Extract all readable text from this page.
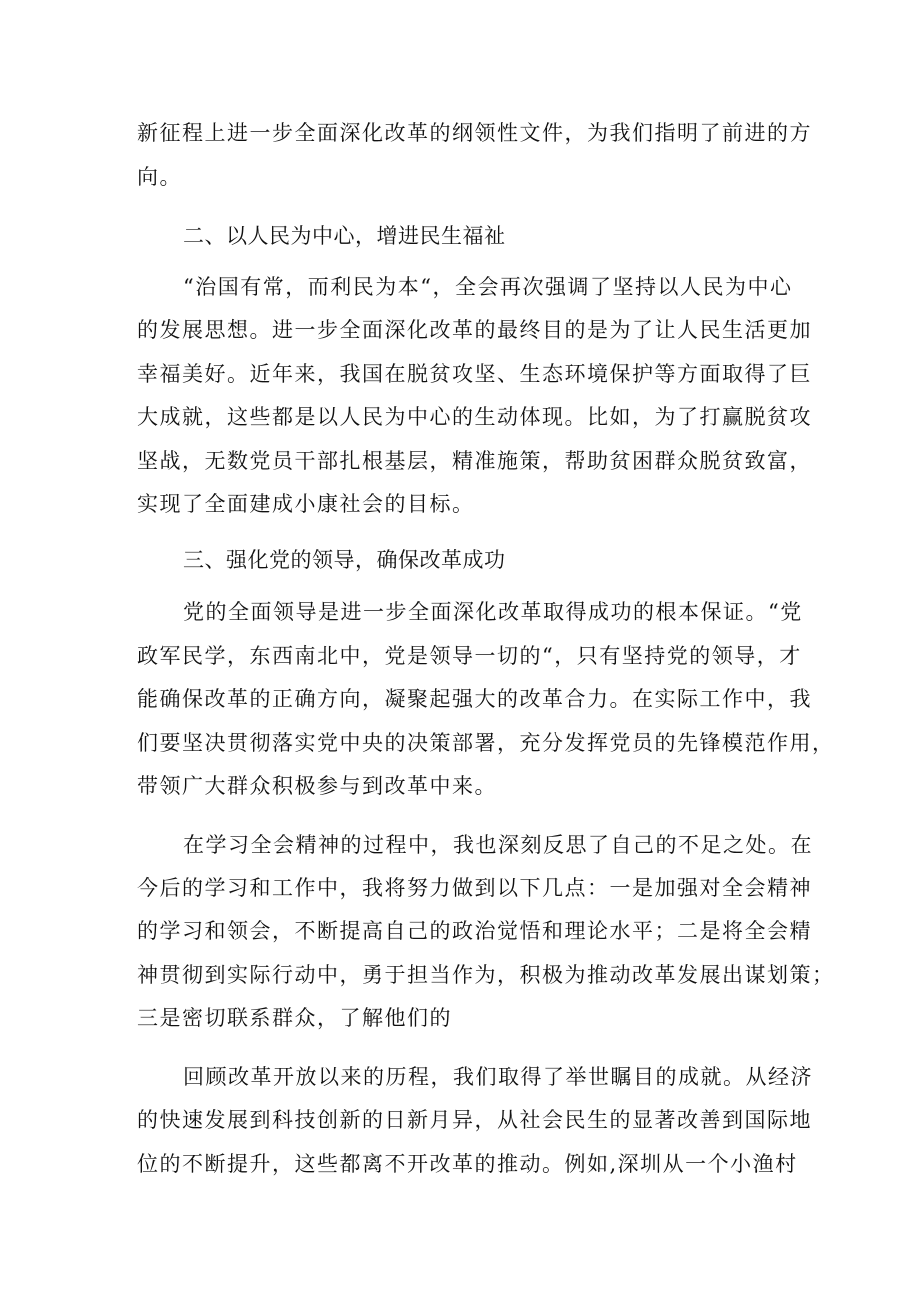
新征程上进一步全面深化改革的纲领性文件，为我们指明了前进的方
向。
二、以人民为中心，增进民生福祉
“治国有常，而利民为本“，全会再次强调了坚持以人民为中心
的发展思想。进一步全面深化改革的最终目的是为了让人民生活更加
幸福美好。近年来，我国在脱贫攻坚、生态环境保护等方面取得了巨
大成就，这些都是以人民为中心的生动体现。比如，为了打赢脱贫攻
坚战，无数党员干部扎根基层，精准施策，帮助贫困群众脱贫致富，
实现了全面建成小康社会的目标。
三、强化党的领导，确保改革成功
党的全面领导是进一步全面深化改革取得成功的根本保证。“党
政军民学，东西南北中，党是领导一切的“，只有坚持党的领导，才
能确保改革的正确方向，凝聚起强大的改革合力。在实际工作中，我
们要坚决贯彻落实党中央的决策部署，充分发挥党员的先锋模范作用，
带领广大群众积极参与到改革中来。
在学习全会精神的过程中，我也深刻反思了自己的不足之处。在
今后的学习和工作中，我将努力做到以下几点：一是加强对全会精神
的学习和领会，不断提高自己的政治觉悟和理论水平；二是将全会精
神贯彻到实际行动中，勇于担当作为，积极为推动改革发展出谋划策；
三是密切联系群众，了解他们的
回顾改革开放以来的历程，我们取得了举世瞩目的成就。从经济
的快速发展到科技创新的日新月异，从社会民生的显著改善到国际地
位的不断提升，这些都离不开改革的推动。例如,深圳从一个小渔村
